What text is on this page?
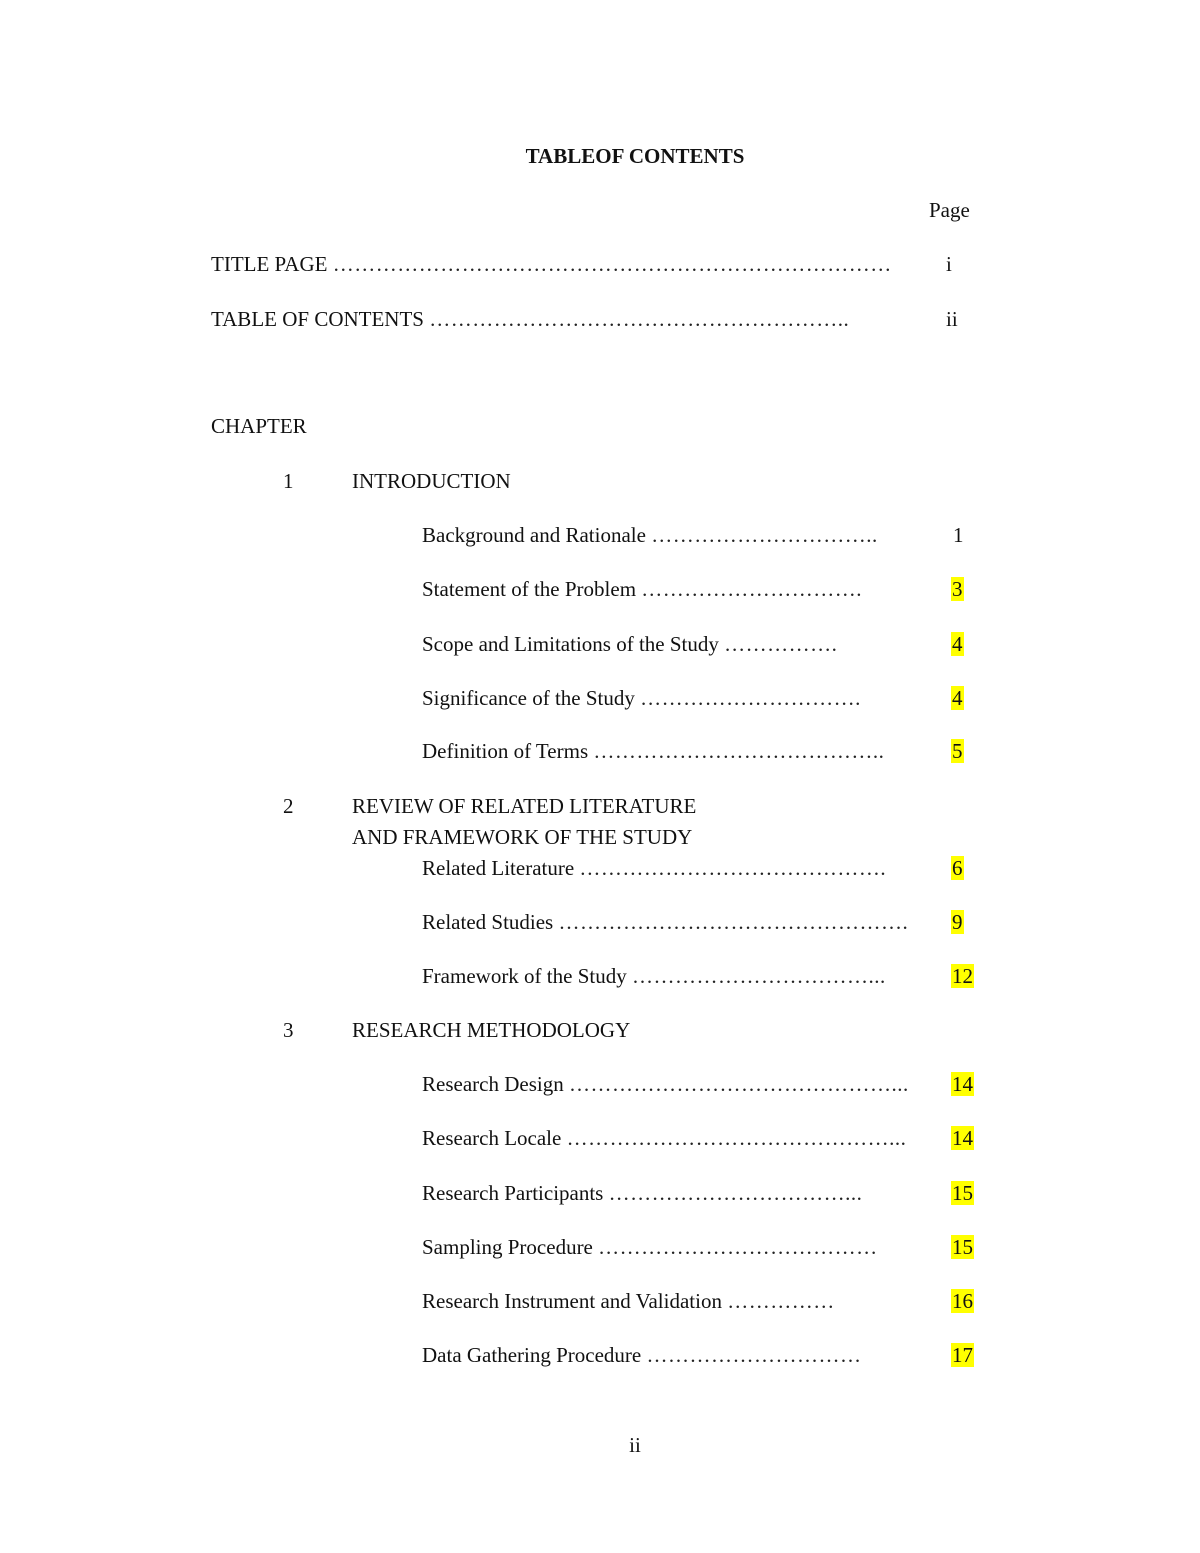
TABLEOF CONTENTS
Page
TITLE PAGE ……………………………………………………………………	i
TABLE OF CONTENTS …………………………………………………..	ii
CHAPTER
1	INTRODUCTION
Background and Rationale …………………………..	1
Statement of the Problem ………………………….	3
Scope and Limitations of the Study …………….	4
Significance of the Study ………………………….	4
Definition of Terms …………………………………..	5
2	REVIEW OF RELATED LITERATURE
AND FRAMEWORK OF THE STUDY
Related Literature …………………………………….	6
Related Studies …………………………………………. 9
Framework of the Study ……………………………...	12
3	RESEARCH METHODOLOGY
Research Design ………………………………………... 14
Research Locale ………………………………………... 14
Research Participants ……………………………...	15
Sampling Procedure …………………………………	15
Research Instrument and Validation ……………	16
Data Gathering Procedure …………………………	17
ii
